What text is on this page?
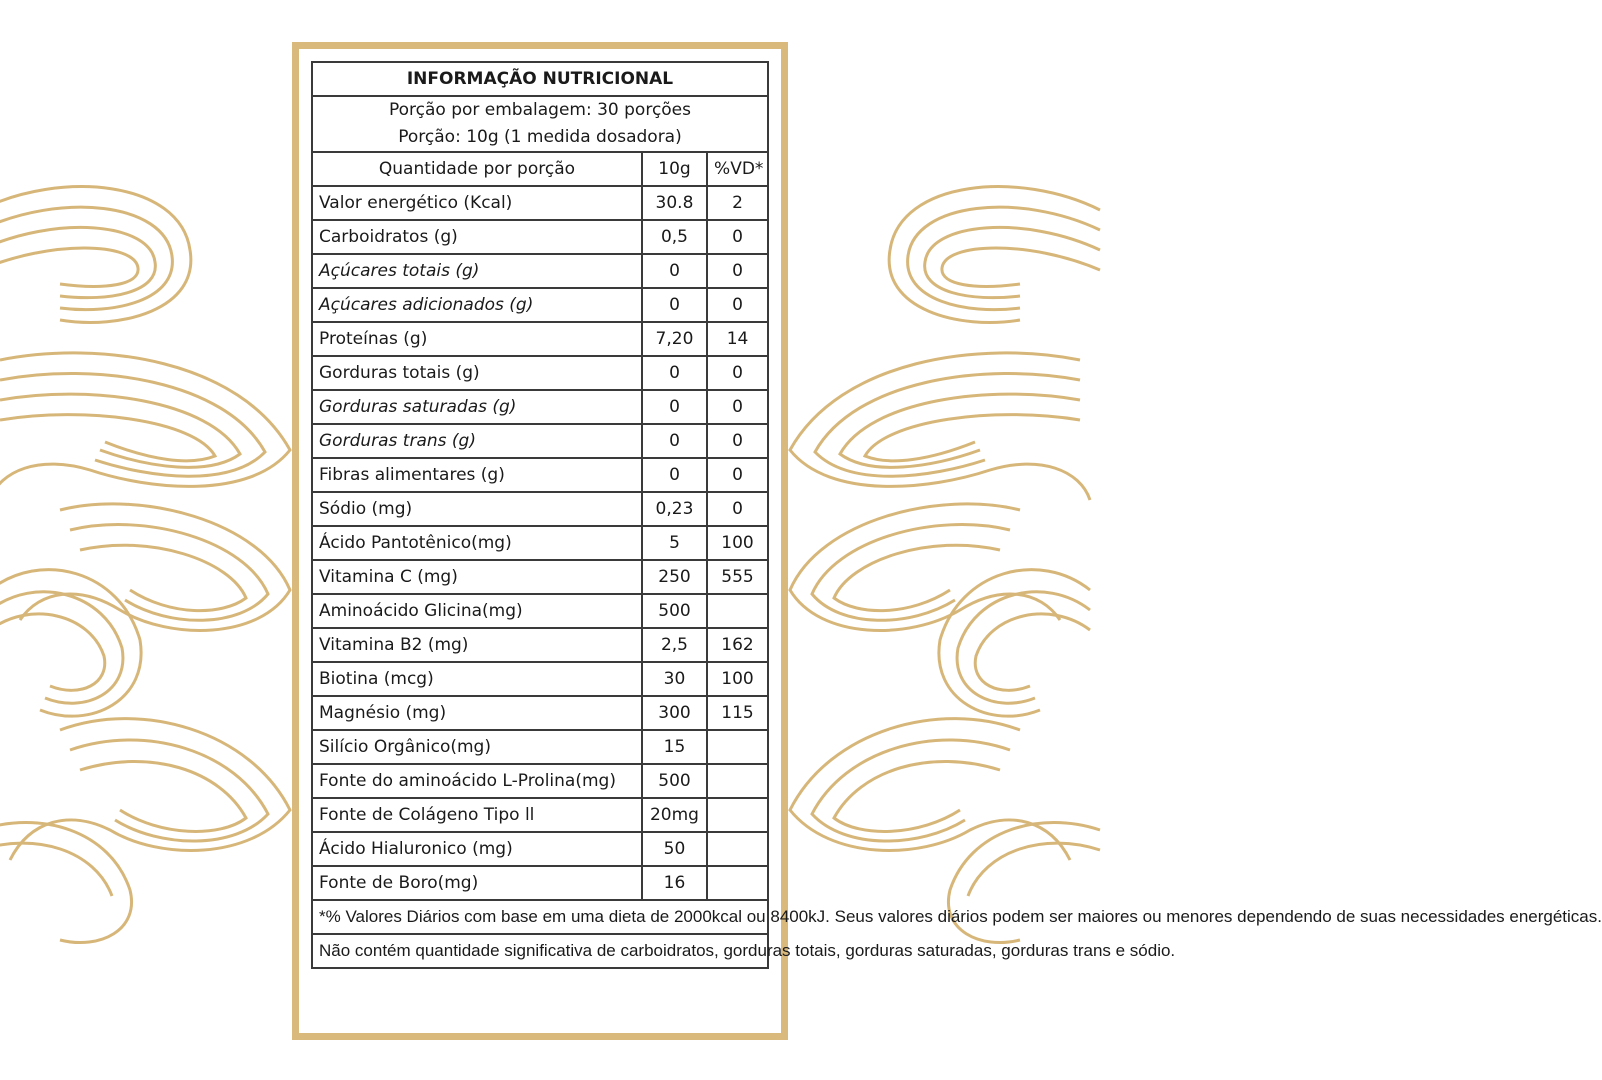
INFORMAÇÃO NUTRICIONAL		

Porção por embalagem: 30 porções
Porção: 10g (1 medida dosadora)		

Quantidade por porção	10g	%VD*
Valor energético (Kcal)	30.8	2
Carboidratos (g)	0,5	0
Açúcares totais (g)	0	0
Açúcares adicionados (g)	0	0
Proteínas (g)	7,20	14
Gorduras totais (g)	0	0
Gorduras saturadas (g)	0	0
Gorduras trans (g)	0	0
Fibras alimentares (g)	0	0
Sódio (mg)	0,23	0
Ácido Pantotênico(mg)	5	100
Vitamina C (mg)	250	555
Aminoácido Glicina(mg)	500	
Vitamina B2 (mg)	2,5	162
Biotina (mcg)	30	100
Magnésio (mg)	300	115
Silício Orgânico(mg)	15	
Fonte do aminoácido L-Prolina(mg)	500	
Fonte de Colágeno Tipo ll	20mg	
Ácido Hialuronico (mg)	50	
Fonte de Boro(mg)	16	
*% Valores Diários com base em uma dieta de 2000kcal ou 8400kJ. Seus valores diários podem ser maiores ou menores dependendo de suas necessidades energéticas.		
Não contém quantidade significativa de carboidratos, gorduras totais, gorduras saturadas, gorduras trans e sódio.		
